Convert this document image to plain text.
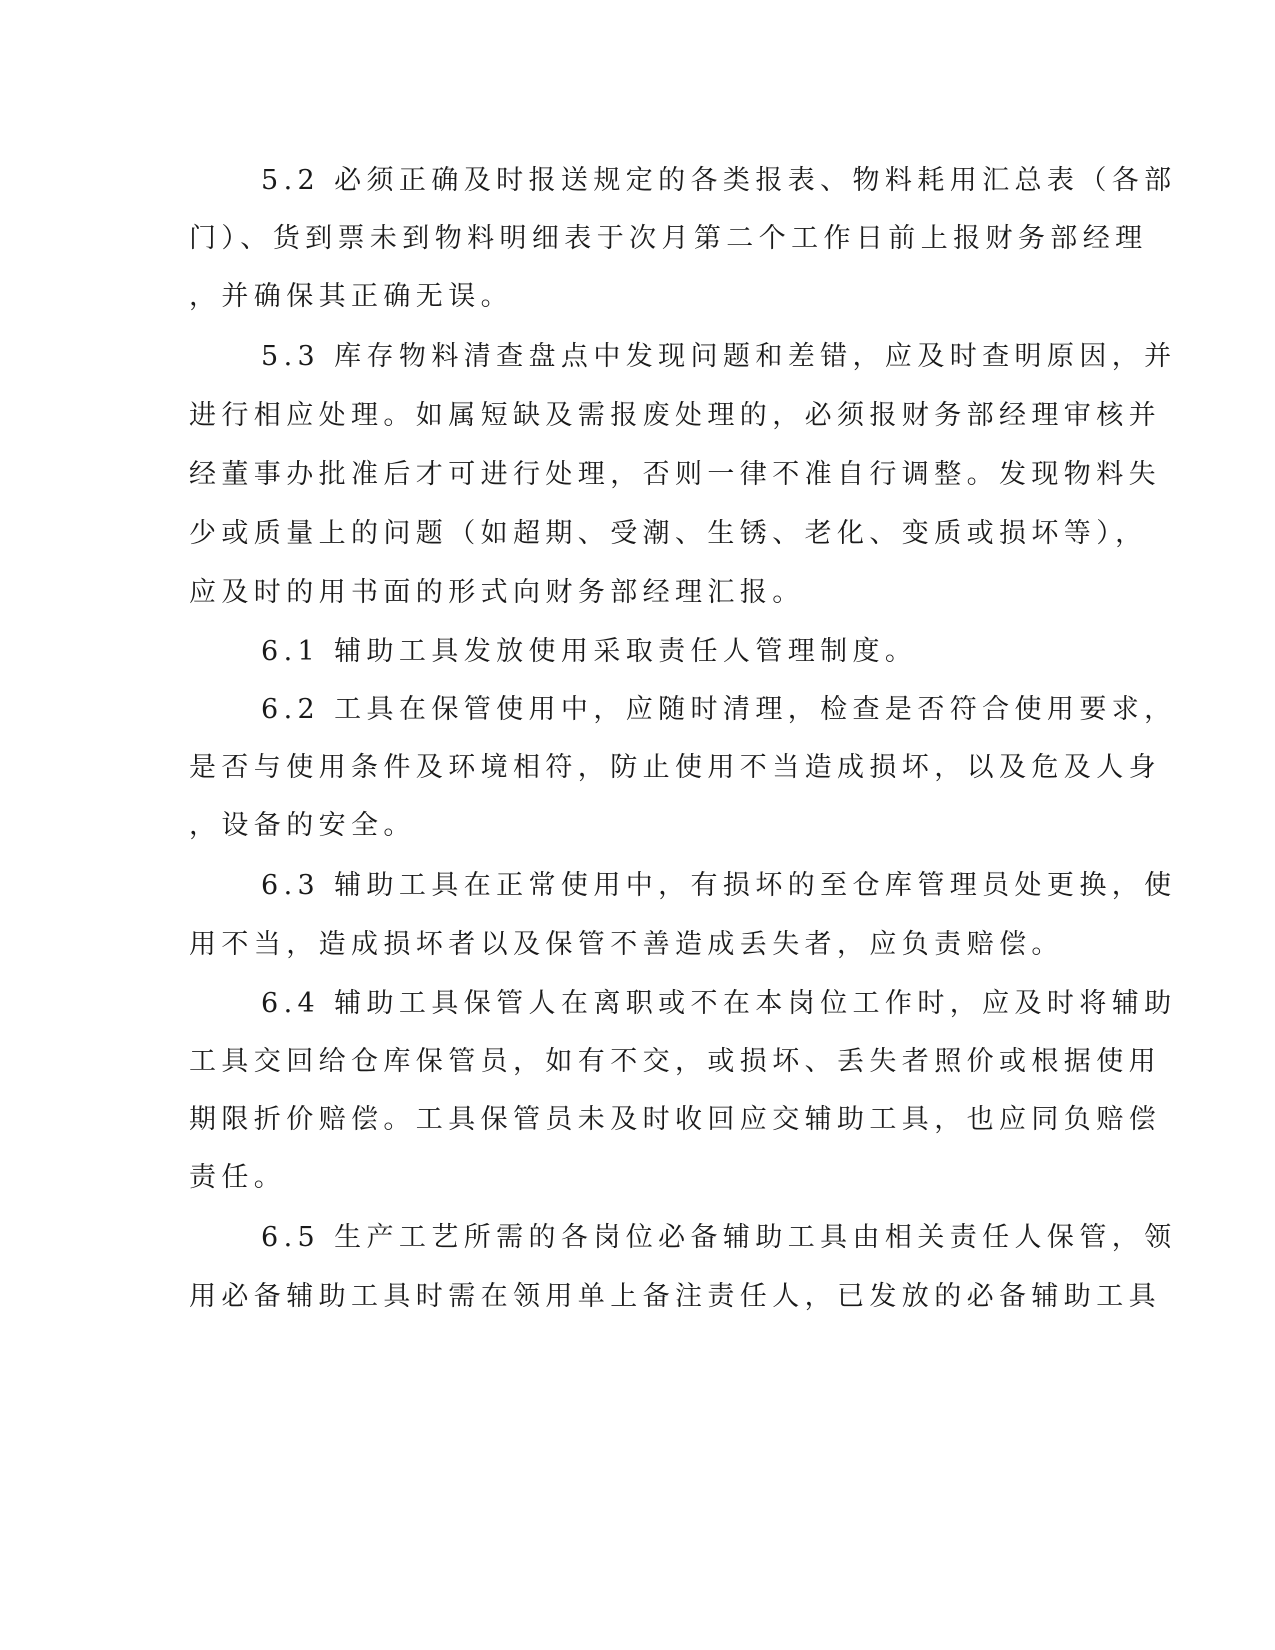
5.2 必须正确及时报送规定的各类报表、物料耗用汇总表（各部
门）、货到票未到物料明细表于次月第二个工作日前上报财务部经理
，并确保其正确无误。
5.3 库存物料清查盘点中发现问题和差错，应及时查明原因，并
进行相应处理。如属短缺及需报废处理的，必须报财务部经理审核并
经董事办批准后才可进行处理，否则一律不准自行调整。发现物料失
少或质量上的问题（如超期、受潮、生锈、老化、变质或损坏等），
应及时的用书面的形式向财务部经理汇报。
6.1 辅助工具发放使用采取责任人管理制度。
6.2 工具在保管使用中，应随时清理，检查是否符合使用要求，
是否与使用条件及环境相符，防止使用不当造成损坏，以及危及人身
，设备的安全。
6.3 辅助工具在正常使用中，有损坏的至仓库管理员处更换，使
用不当，造成损坏者以及保管不善造成丢失者，应负责赔偿。
6.4 辅助工具保管人在离职或不在本岗位工作时，应及时将辅助
工具交回给仓库保管员，如有不交，或损坏、丢失者照价或根据使用
期限折价赔偿。工具保管员未及时收回应交辅助工具，也应同负赔偿
责任。
6.5 生产工艺所需的各岗位必备辅助工具由相关责任人保管，领
用必备辅助工具时需在领用单上备注责任人，已发放的必备辅助工具
